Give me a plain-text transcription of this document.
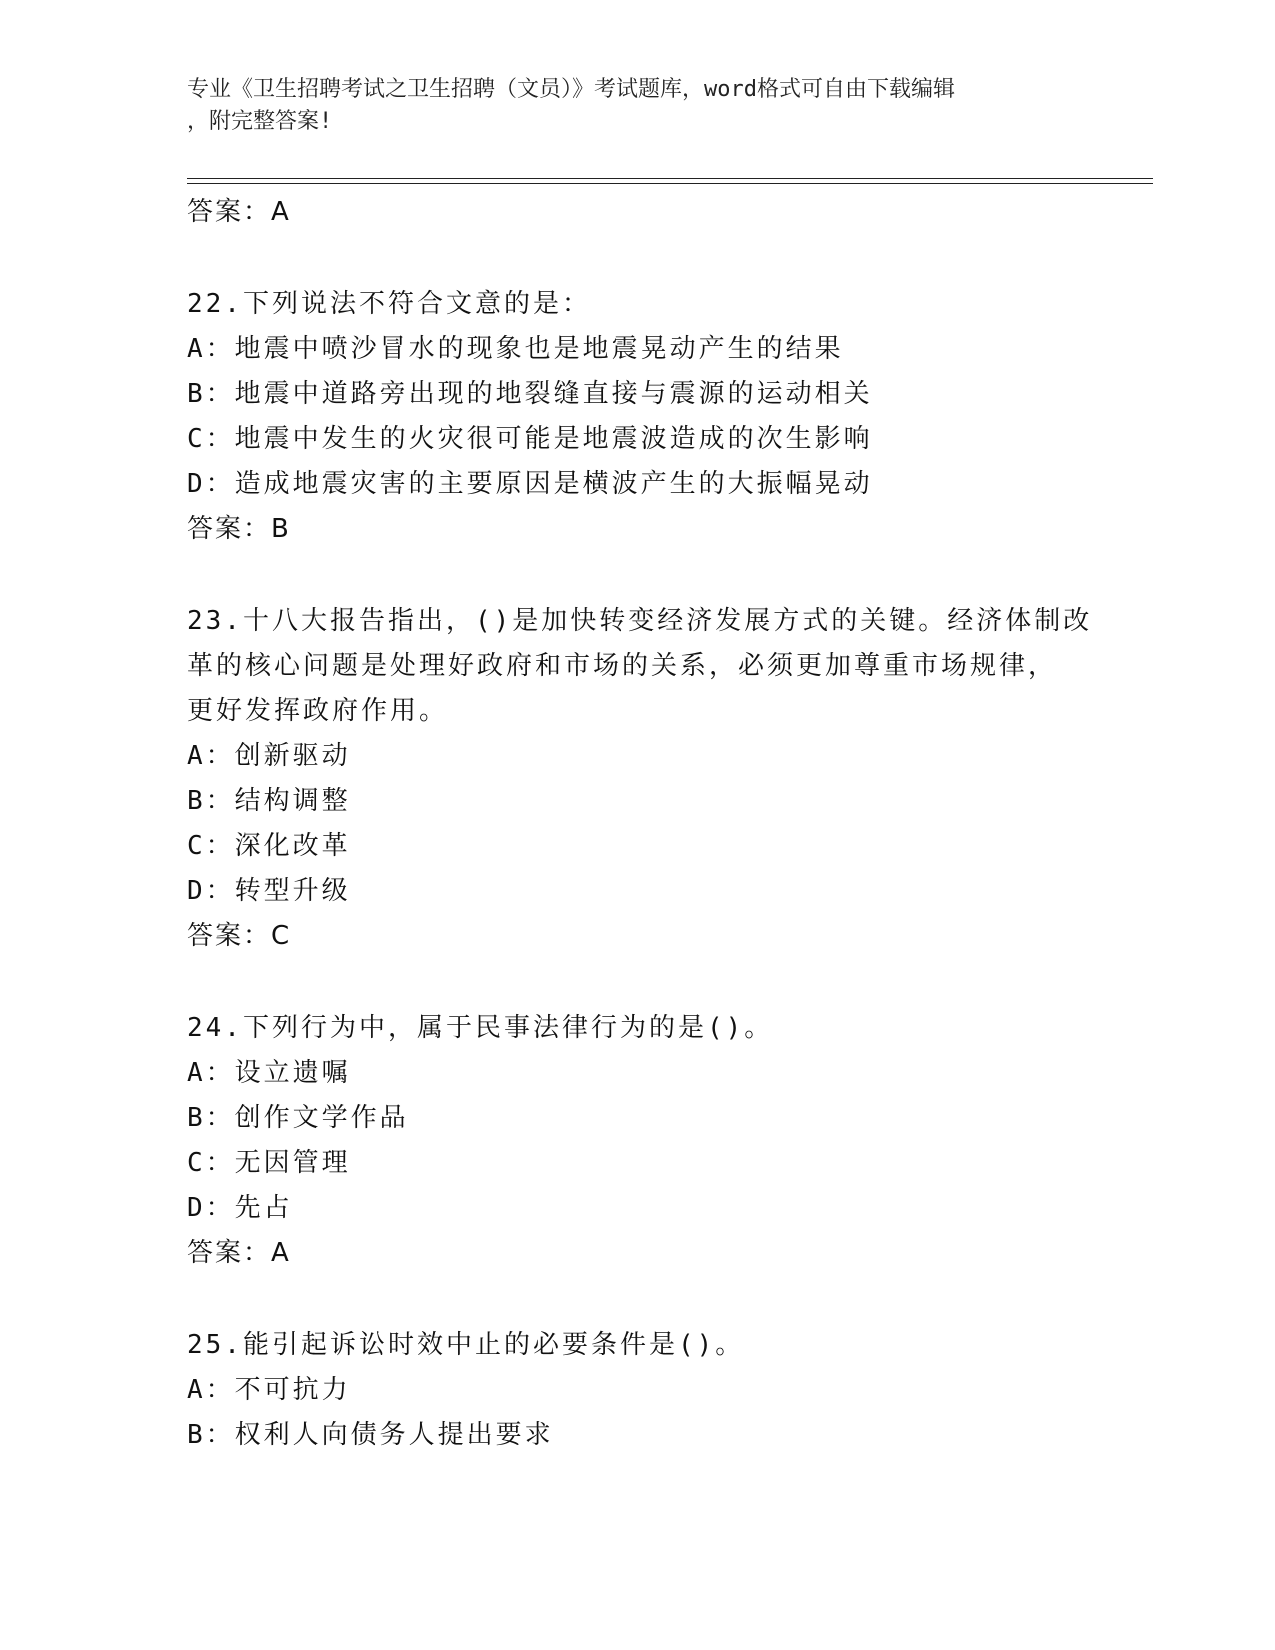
专业《卫生招聘考试之卫生招聘（文员）》考试题库，word格式可自由下载编辑
，附完整答案!
答案：A
22.下列说法不符合文意的是：
A：地震中喷沙冒水的现象也是地震晃动产生的结果
B：地震中道路旁出现的地裂缝直接与震源的运动相关
C：地震中发生的火灾很可能是地震波造成的次生影响
D：造成地震灾害的主要原因是横波产生的大振幅晃动
答案：B
23.十八大报告指出，()是加快转变经济发展方式的关键。经济体制改
革的核心问题是处理好政府和市场的关系，必须更加尊重市场规律，
更好发挥政府作用。
A：创新驱动
B：结构调整
C：深化改革
D：转型升级
答案：C
24.下列行为中，属于民事法律行为的是()。
A：设立遗嘱
B：创作文学作品
C：无因管理
D：先占
答案：A
25.能引起诉讼时效中止的必要条件是()。
A：不可抗力
B：权利人向债务人提出要求
